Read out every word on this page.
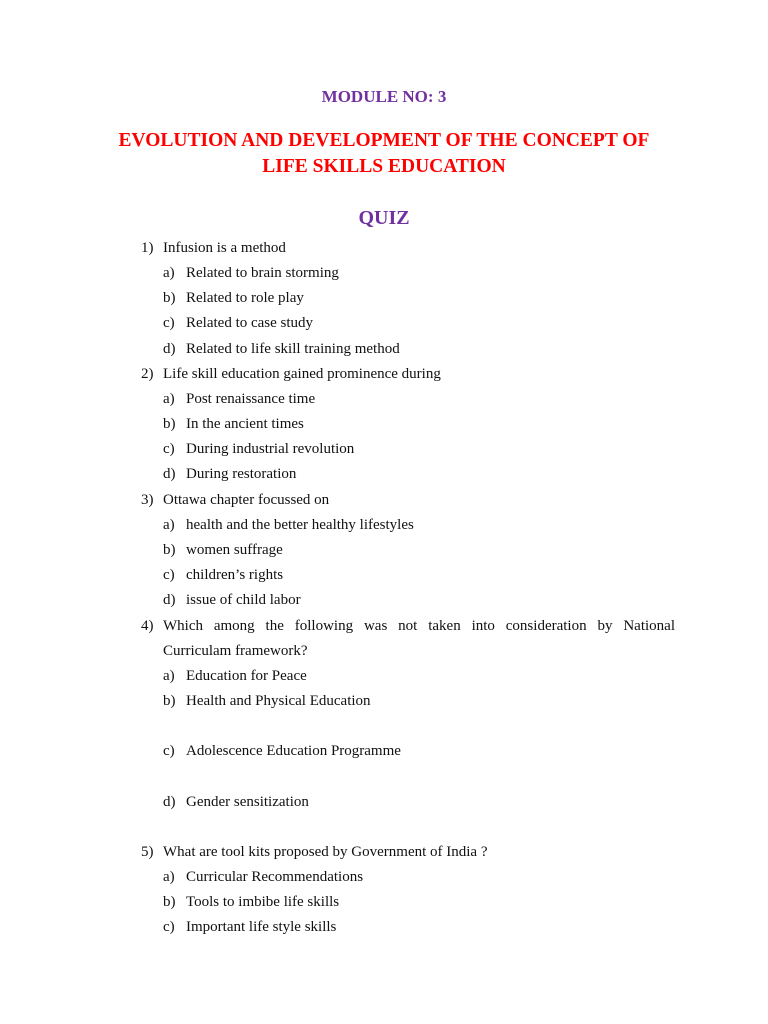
MODULE NO: 3
EVOLUTION AND DEVELOPMENT OF THE CONCEPT OF
LIFE SKILLS EDUCATION
QUIZ
1) Infusion is a method
a) Related to brain storming
b) Related to role play
c) Related to case study
d) Related to life skill training method
2) Life skill education gained prominence during
a) Post renaissance time
b) In the ancient times
c) During industrial revolution
d) During restoration
3) Ottawa chapter focussed on
a) health and the better healthy lifestyles
b) women suffrage
c) children’s rights
d) issue of child labor
4) Which among the following was not taken into consideration by National
Curriculam framework?
a) Education for Peace
b) Health and Physical Education
c) Adolescence Education Programme
d) Gender sensitization
5) What are tool kits proposed by Government of India ?
a) Curricular Recommendations
b) Tools to imbibe life skills
c) Important life style skills
